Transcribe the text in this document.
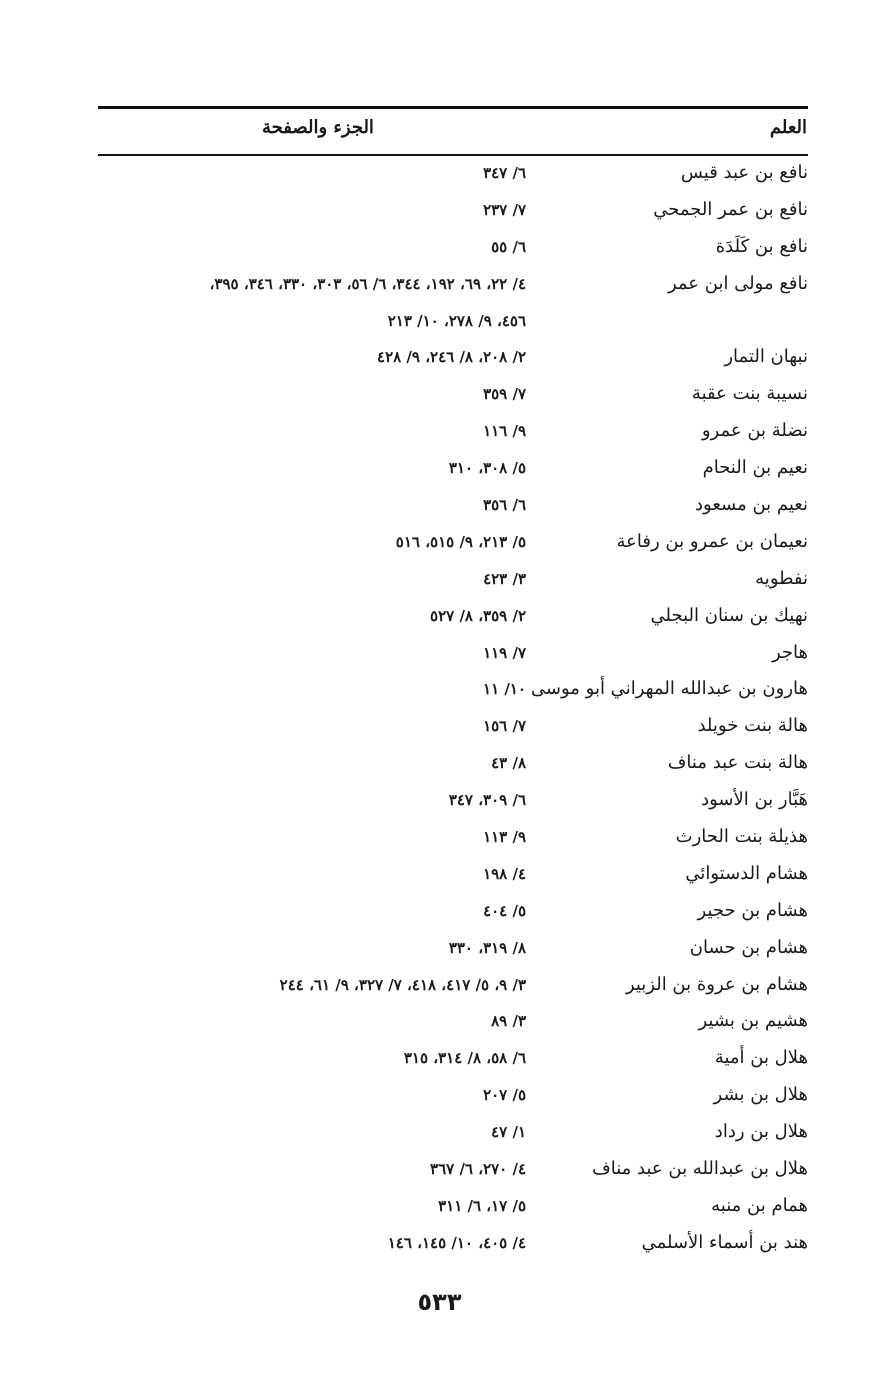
العلم
الجزء والصفحة
نافع بن عبد قيس
٦/ ٣٤٧
نافع بن عمر الجمحي
٧/ ٢٣٧
نافع بن كَلَدَة
٦/ ٥٥
نافع مولى ابن عمر
٤/ ٢٢، ٦٩، ١٩٢، ٣٤٤، ٦/ ٥٦، ٣٠٣، ٣٣٠، ٣٤٦، ٣٩٥،
٤٥٦، ٩/ ٢٧٨، ١٠/ ٢١٣
نبهان التمار
٢/ ٢٠٨، ٨/ ٢٤٦، ٩/ ٤٢٨
نسيبة بنت عقبة
٧/ ٣٥٩
نضلة بن عمرو
٩/ ١١٦
نعيم بن النحام
٥/ ٣٠٨، ٣١٠
نعيم بن مسعود
٦/ ٣٥٦
نعيمان بن عمرو بن رفاعة
٥/ ٢١٣، ٩/ ٥١٥، ٥١٦
نفطويه
٣/ ٤٢٣
نهيك بن سنان البجلي
٢/ ٣٥٩، ٨/ ٥٢٧
هاجر
٧/ ١١٩
هارون بن عبدالله المهراني أبو موسى
١٠/ ١١
هالة بنت خويلد
٧/ ١٥٦
هالة بنت عبد مناف
٨/ ٤٣
هَبَّار بن الأسود
٦/ ٣٠٩، ٣٤٧
هذيلة بنت الحارث
٩/ ١١٣
هشام الدستوائي
٤/ ١٩٨
هشام بن حجير
٥/ ٤٠٤
هشام بن حسان
٨/ ٣١٩، ٣٣٠
هشام بن عروة بن الزبير
٣/ ٩، ٥/ ٤١٧، ٤١٨، ٧/ ٣٢٧، ٩/ ٦١، ٢٤٤
هشيم بن بشير
٣/ ٨٩
هلال بن أمية
٦/ ٥٨، ٨/ ٣١٤، ٣١٥
هلال بن بشر
٥/ ٢٠٧
هلال بن رداد
١/ ٤٧
هلال بن عبدالله بن عبد مناف
٤/ ٢٧٠، ٦/ ٣٦٧
همام بن منبه
٥/ ١٧، ٦/ ٣١١
هند بن أسماء الأسلمي
٤/ ٤٠٥، ١٠/ ١٤٥، ١٤٦
٥٣٣
